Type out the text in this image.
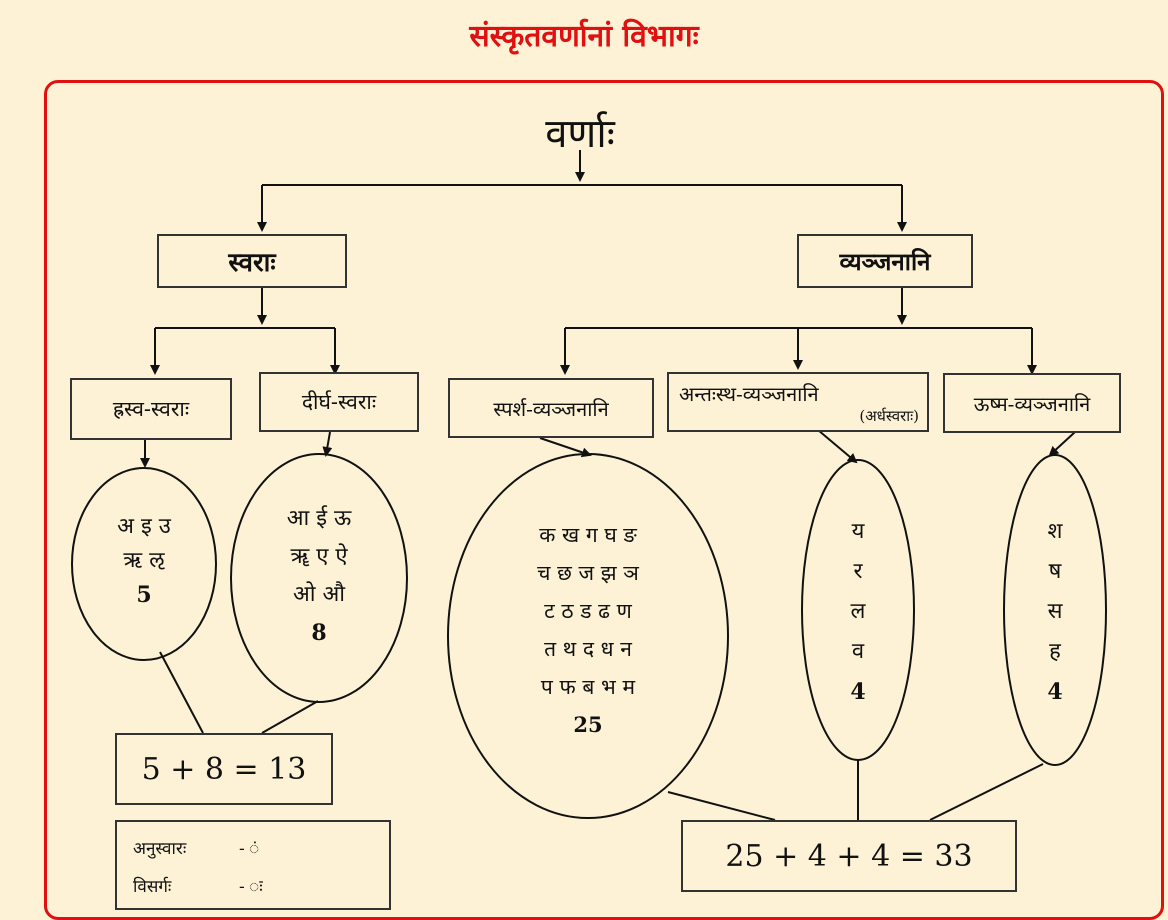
संस्कृतवर्णानां विभागः
वर्णाः
स्वराः	व्यञ्जनानि
ह्रस्व-स्वराः	दीर्घ-स्वराः	स्पर्श-व्यञ्जनानि
अन्तःस्थ-व्यञ्जनानि
(अर्धस्वराः)
ऊष्म-व्यञ्जनानि
अ इ उ
ऋ ऌ
5
आ ई ऊ
ॠ ए ऐ
ओ औ
8
क ख ग घ ङ
च छ ज झ ञ
ट ठ ड ढ ण
त थ द ध न
प फ ब भ म
25
य
र
ल
व
4
श
ष
स
ह
4
5 + 8 = 13
25 + 4 + 4 = 33
अनुस्वारः	- ं
विसर्गः	- ः
